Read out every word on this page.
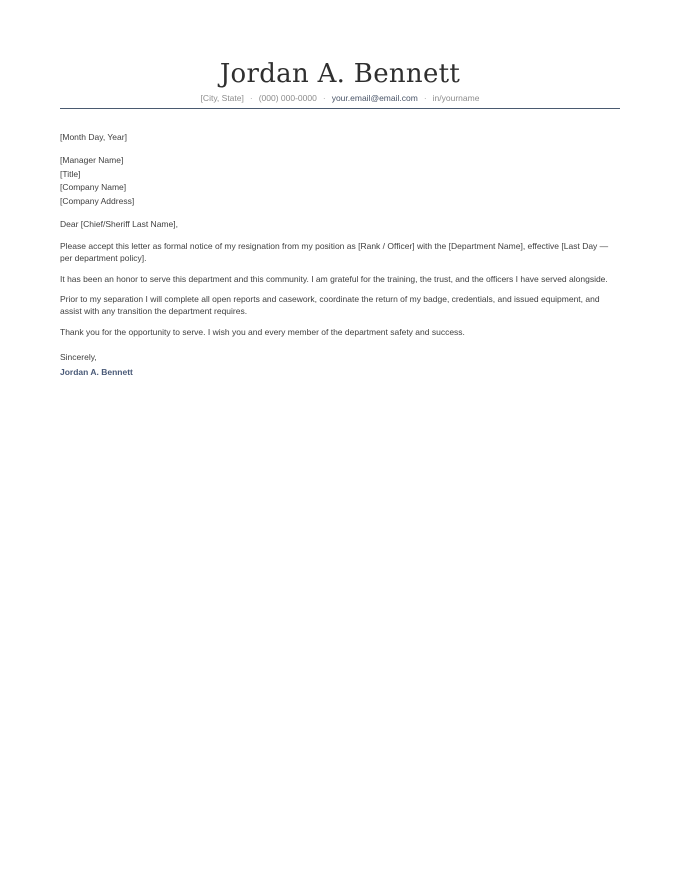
Jordan A. Bennett
[City, State] · (000) 000-0000 · your.email@email.com · in/yourname

[Month Day, Year]

[Manager Name]

[Title]

[Company Name]

[Company Address]

Dear [Chief/Sheriff Last Name],

Please accept this letter as formal notice of my resignation from my position as [Rank / Officer] with the [Department Name], effective [Last Day — per department policy].

It has been an honor to serve this department and this community. I am grateful for the training, the trust, and the officers I have served alongside.

Prior to my separation I will complete all open reports and casework, coordinate the return of my badge, credentials, and issued equipment, and assist with any transition the department requires.

Thank you for the opportunity to serve. I wish you and every member of the department safety and success.

Sincerely,

Jordan A. Bennett
